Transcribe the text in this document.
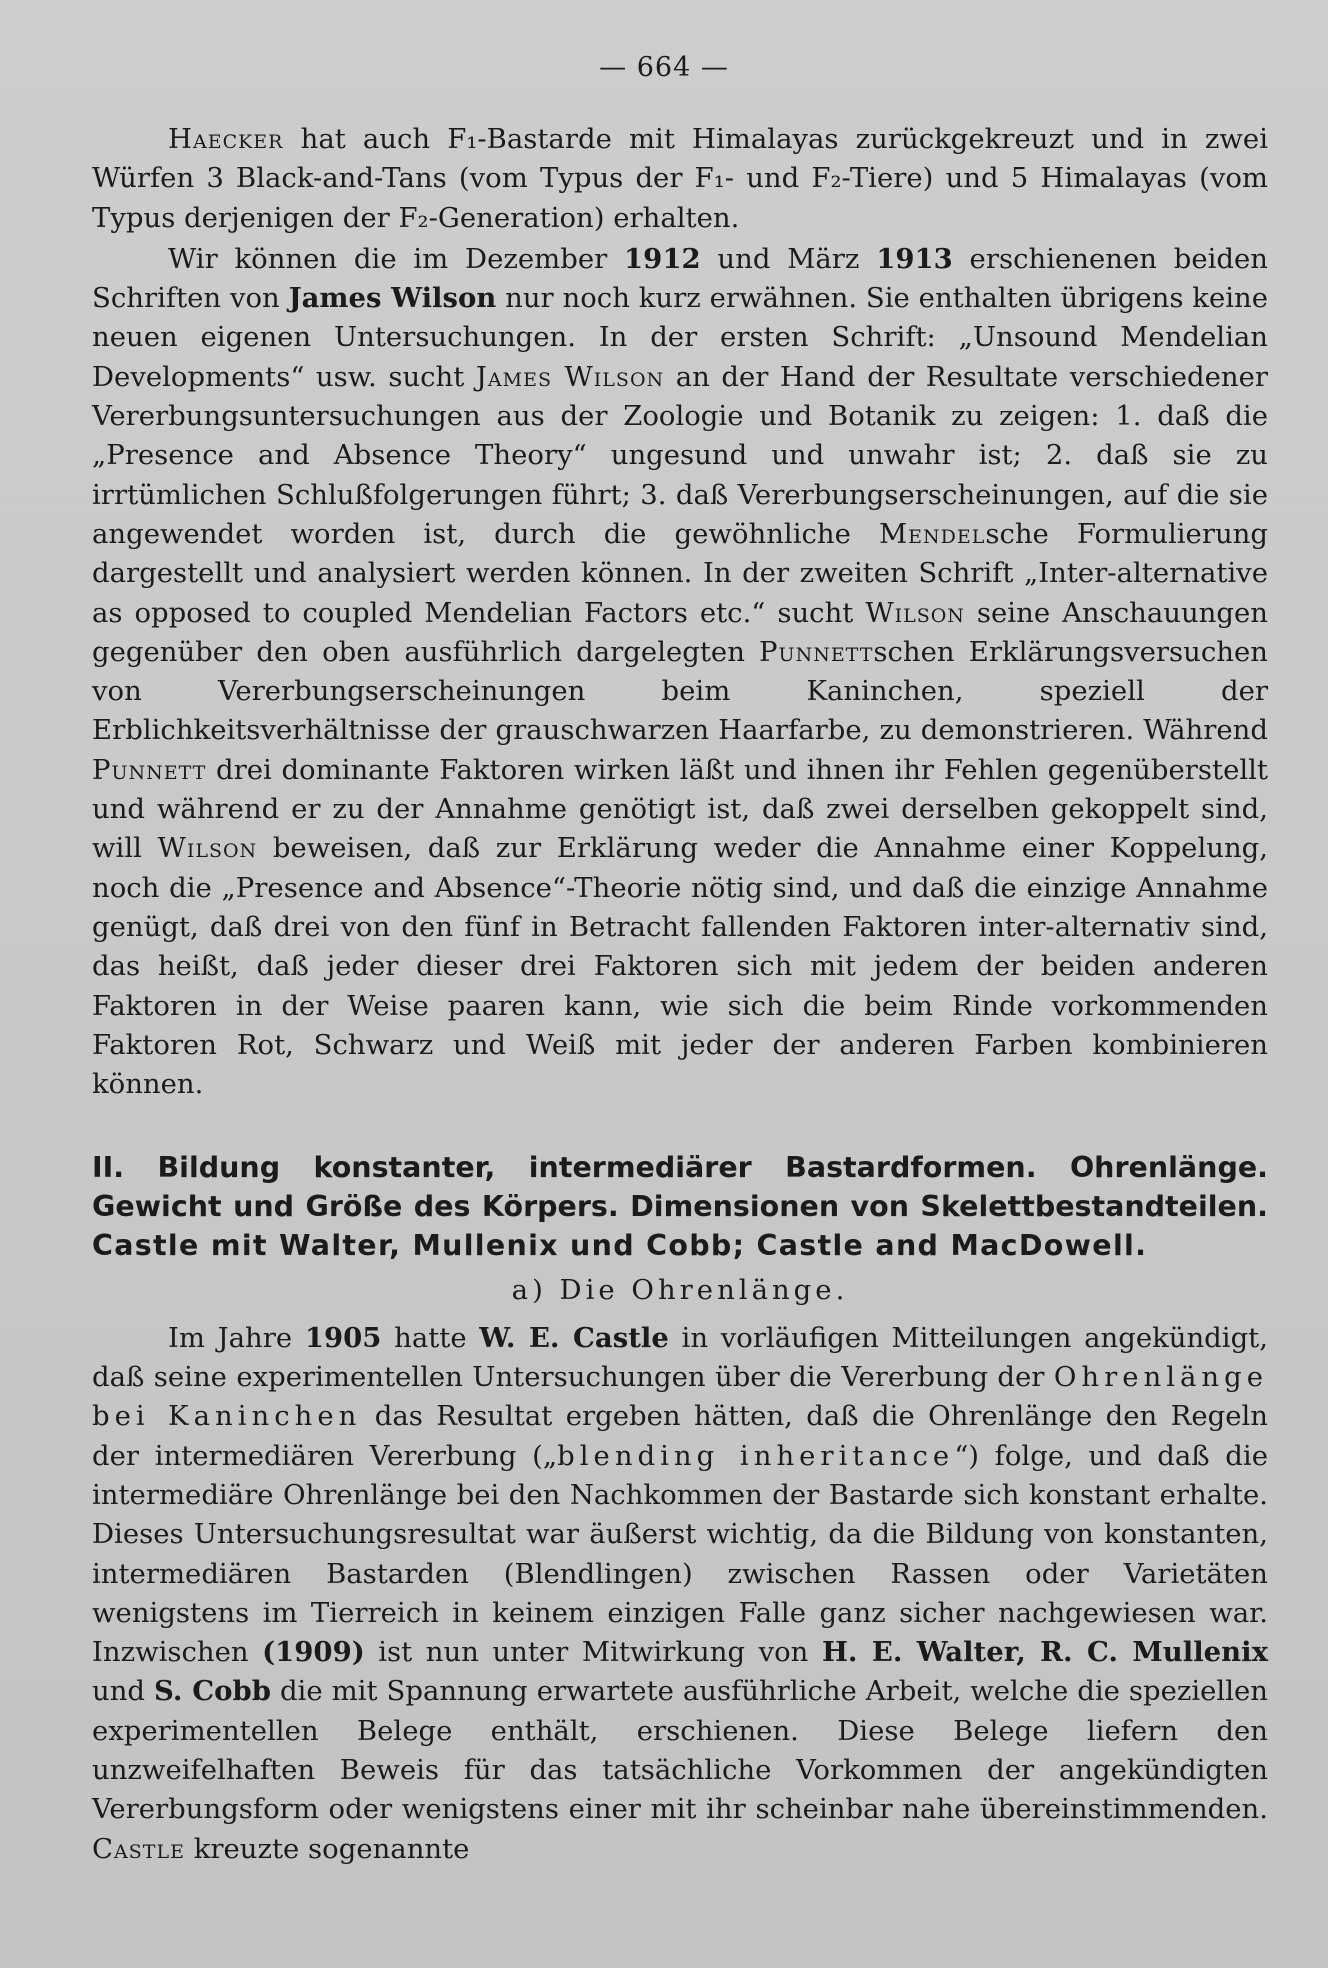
— 664 —

Haecker hat auch F₁-Bastarde mit Himalayas zurückgekreuzt und in zwei Würfen 3 Black-and-Tans (vom Typus der F₁- und F₂-Tiere) und 5 Himalayas (vom Typus derjenigen der F₂-Generation) erhalten.

Wir können die im Dezember 1912 und März 1913 erschienenen beiden Schriften von James Wilson nur noch kurz erwähnen. Sie enthalten übrigens keine neuen eigenen Untersuchungen. In der ersten Schrift: „Unsound Mendelian Developments“ usw. sucht James Wilson an der Hand der Resultate verschiedener Vererbungsuntersuchungen aus der Zoologie und Botanik zu zeigen: 1. daß die „Presence and Absence Theory“ ungesund und unwahr ist; 2. daß sie zu irrtümlichen Schlußfolgerungen führt; 3. daß Vererbungserscheinungen, auf die sie angewendet worden ist, durch die gewöhnliche Mendelsche Formulierung dargestellt und analysiert werden können. In der zweiten Schrift „Inter-alternative as opposed to coupled Mendelian Factors etc.“ sucht Wilson seine Anschauungen gegenüber den oben ausführlich dargelegten Punnettschen Erklärungsversuchen von Vererbungserscheinungen beim Kaninchen, speziell der Erblichkeitsverhältnisse der grauschwarzen Haarfarbe, zu demonstrieren. Während Punnett drei dominante Faktoren wirken läßt und ihnen ihr Fehlen gegenüberstellt und während er zu der Annahme genötigt ist, daß zwei derselben gekoppelt sind, will Wilson beweisen, daß zur Erklärung weder die Annahme einer Koppelung, noch die „Presence and Absence“-Theorie nötig sind, und daß die einzige Annahme genügt, daß drei von den fünf in Betracht fallenden Faktoren inter-alternativ sind, das heißt, daß jeder dieser drei Faktoren sich mit jedem der beiden anderen Faktoren in der Weise paaren kann, wie sich die beim Rinde vorkommenden Faktoren Rot, Schwarz und Weiß mit jeder der anderen Farben kombinieren können.

II. Bildung konstanter, intermediärer Bastardformen. Ohrenlänge. Gewicht und Größe des Körpers. Dimensionen von Skelettbestandteilen. Castle mit Walter, Mullenix und Cobb; Castle and MacDowell.
a) Die Ohrenlänge.

Im Jahre 1905 hatte W. E. Castle in vorläufigen Mitteilungen angekündigt, daß seine experimentellen Untersuchungen über die Vererbung der Ohrenlänge bei Kaninchen das Resultat ergeben hätten, daß die Ohrenlänge den Regeln der intermediären Vererbung („blending inheritance“) folge, und daß die intermediäre Ohrenlänge bei den Nachkommen der Bastarde sich konstant erhalte. Dieses Untersuchungsresultat war äußerst wichtig, da die Bildung von konstanten, intermediären Bastarden (Blendlingen) zwischen Rassen oder Varietäten wenigstens im Tierreich in keinem einzigen Falle ganz sicher nachgewiesen war. Inzwischen (1909) ist nun unter Mitwirkung von H. E. Walter, R. C. Mullenix und S. Cobb die mit Spannung erwartete ausführliche Arbeit, welche die speziellen experimentellen Belege enthält, erschienen. Diese Belege liefern den unzweifelhaften Beweis für das tatsächliche Vorkommen der angekündigten Vererbungsform oder wenigstens einer mit ihr scheinbar nahe übereinstimmenden. Castle kreuzte sogenannte
